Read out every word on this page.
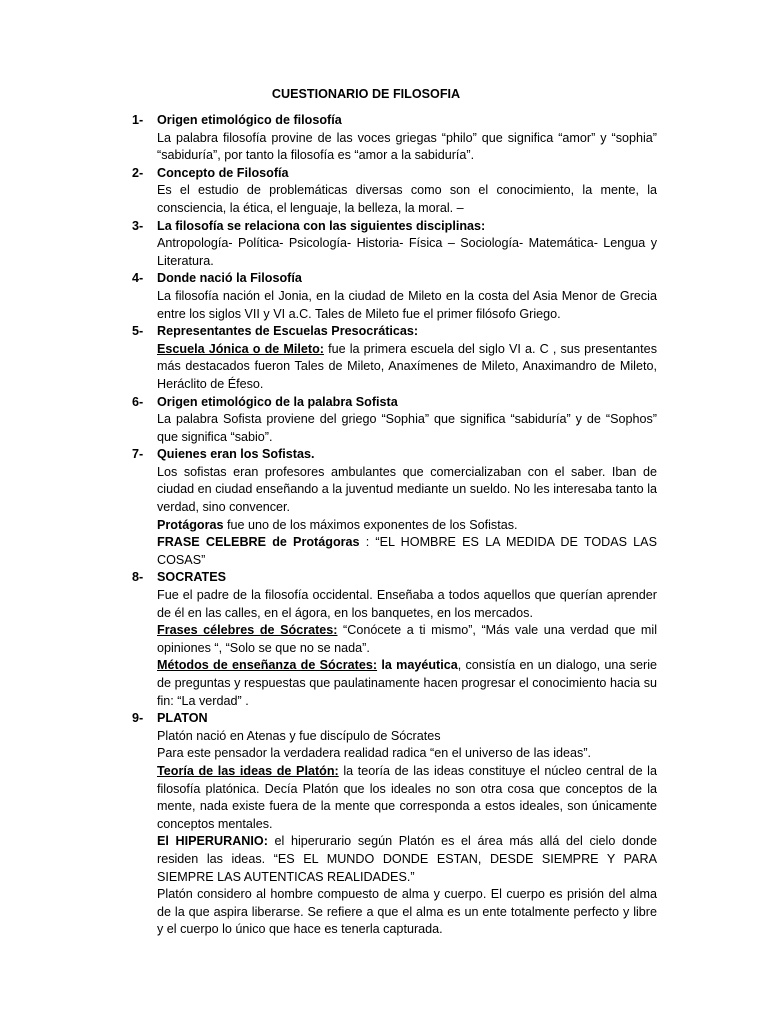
CUESTIONARIO DE FILOSOFIA
1- Origen etimológico de filosofía

La palabra filosofía provine de las voces griegas “philo” que significa “amor” y “sophia” “sabiduría”, por tanto la filosofía es “amor a la sabiduría”.

2- Concepto de Filosofía

Es el estudio de problemáticas diversas como son el conocimiento, la mente, la consciencia, la ética, el lenguaje, la belleza, la moral. –

3- La filosofía se relaciona con las siguientes disciplinas:

Antropología- Política- Psicología- Historia- Física – Sociología- Matemática- Lengua y Literatura.

4- Donde nació la Filosofía

La filosofía nación el Jonia, en la ciudad de Mileto en la costa del Asia Menor de Grecia entre los siglos VII y VI a.C. Tales de Mileto fue el primer filósofo Griego.

5- Representantes de Escuelas Presocráticas:

Escuela Jónica o de Mileto: fue la primera escuela del siglo VI a. C , sus presentantes más destacados fueron Tales de Mileto, Anaxímenes de Mileto, Anaximandro de Mileto, Heráclito de Éfeso.

6- Origen etimológico de la palabra Sofista

La palabra Sofista proviene del griego “Sophia” que significa “sabiduría” y de “Sophos” que significa “sabio”.

7- Quienes eran los Sofistas.

Los sofistas eran profesores ambulantes que comercializaban con el saber. Iban de ciudad en ciudad enseñando a la juventud mediante un sueldo. No les interesaba tanto la verdad, sino convencer.

Protágoras fue uno de los máximos exponentes de los Sofistas.

FRASE CELEBRE de Protágoras : “EL HOMBRE ES LA MEDIDA DE TODAS LAS COSAS”

8- SOCRATES

Fue el padre de la filosofía occidental. Enseñaba a todos aquellos que querían aprender de él en las calles, en el ágora, en los banquetes, en los mercados.

Frases célebres de Sócrates: “Conócete a ti mismo”, “Más vale una verdad que mil opiniones “, “Solo se que no se nada”.

Métodos de enseñanza de Sócrates: la mayéutica, consistía en un dialogo, una serie de preguntas y respuestas que paulatinamente hacen progresar el conocimiento hacia su fin: “La verdad” .

9- PLATON

Platón nació en Atenas y fue discípulo de Sócrates

Para este pensador la verdadera realidad radica “en el universo de las ideas”.

Teoría de las ideas de Platón: la teoría de las ideas constituye el núcleo central de la filosofía platónica. Decía Platón que los ideales no son otra cosa que conceptos de la mente, nada existe fuera de la mente que corresponda a estos ideales, son únicamente conceptos mentales.

El HIPERURANIO: el hiperurario según Platón es el área más allá del cielo donde residen las ideas. “ES EL MUNDO DONDE ESTAN, DESDE SIEMPRE Y PARA SIEMPRE LAS AUTENTICAS REALIDADES.”

Platón considero al hombre compuesto de alma y cuerpo. El cuerpo es prisión del alma de la que aspira liberarse. Se refiere a que el alma es un ente totalmente perfecto y libre y el cuerpo lo único que hace es tenerla capturada.
